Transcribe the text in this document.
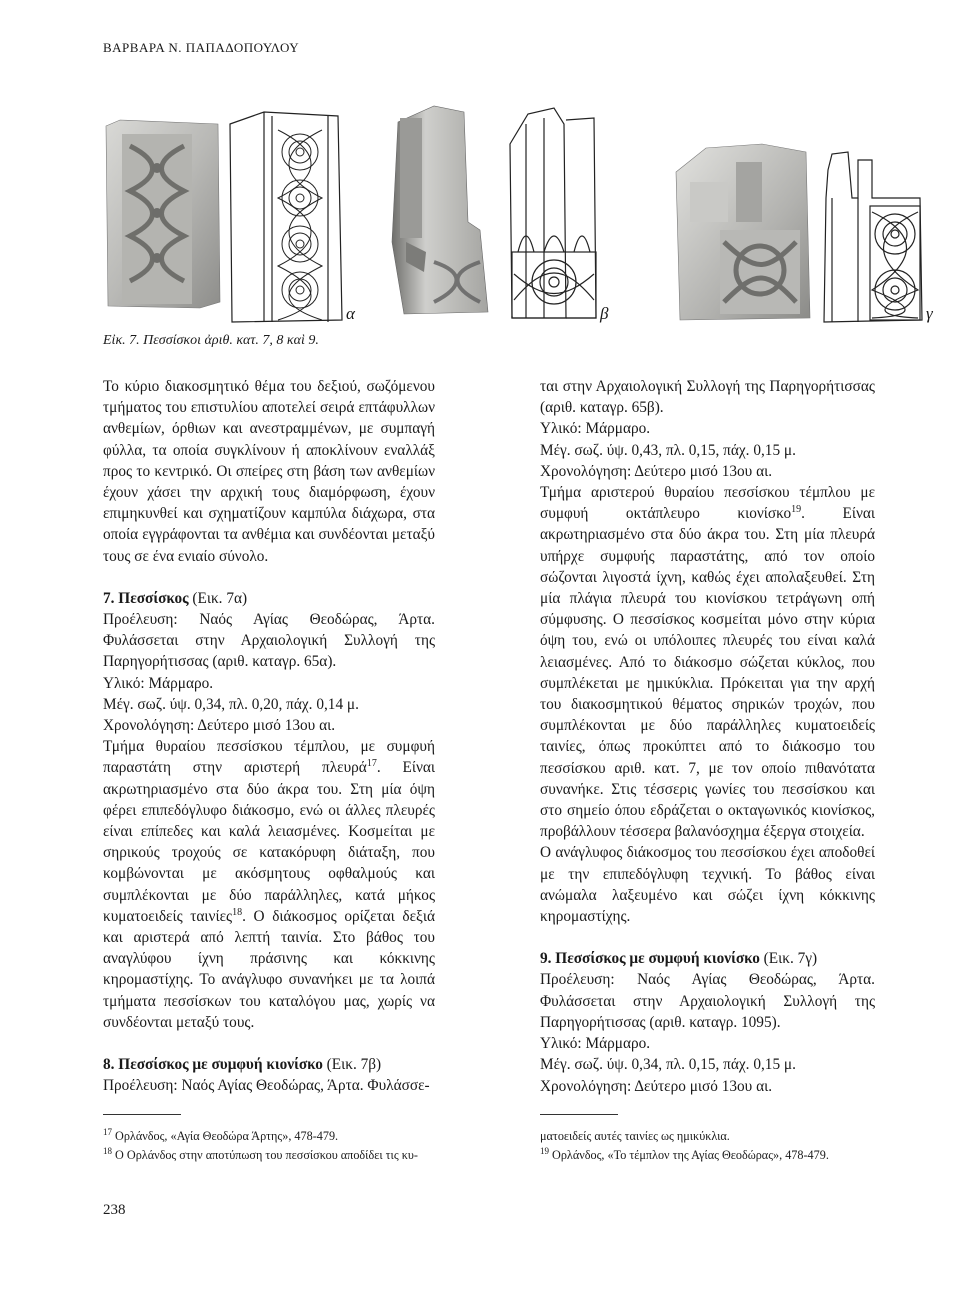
ΒΑΡΒΑΡΑ Ν. ΠΑΠΑΔΟΠΟΥΛΟΥ
α	β	γ
Εἰκ. 7. Πεσσίσκοι ἀριθ. κατ. 7, 8 καὶ 9.

Το κύριο διακοσμητικό θέμα του δεξιού, σωζόμενου τμήματος του επιστυλίου αποτελεί σειρά επτάφυλλων ανθεμίων, όρθιων και ανεστραμμένων, με συμπαγή φύλλα, τα οποία συγκλίνουν ή αποκλίνουν εναλλάξ προς το κεντρικό. Οι σπείρες στη βάση των ανθεμίων έχουν χάσει την αρχική τους διαμόρφωση, έχουν επιμηκυνθεί και σχηματίζουν καμπύλα διάχωρα, στα οποία εγγράφονται τα ανθέμια και συνδέονται μεταξύ τους σε ένα ενιαίο σύνολο.

7. Πεσσίσκος (Εικ. 7α)

Προέλευση: Ναός Αγίας Θεοδώρας, Άρτα. Φυλάσσεται στην Αρχαιολογική Συλλογή της Παρηγορήτισσας (αριθ. καταγρ. 65α).

Υλικό: Μάρμαρο.

Μέγ. σωζ. ύψ. 0,34, πλ. 0,20, πάχ. 0,14 μ.

Χρονολόγηση: Δεύτερο μισό 13ου αι.

Τμήμα θυραίου πεσσίσκου τέμπλου, με συμφυή παραστάτη στην αριστερή πλευρά$^{17}$. Είναι ακρωτηριασμένο στα δύο άκρα του. Στη μία όψη φέρει επιπεδόγλυφο διάκοσμο, ενώ οι άλλες πλευρές είναι επίπεδες και καλά λειασμένες. Κοσμείται με σηρικούς τροχούς σε κατακόρυφη διάταξη, που κομβώνονται με ακόσμητους οφθαλμούς και συμπλέκονται με δύο παράλληλες, κατά μήκος κυματοειδείς ταινίες$^{18}$. Ο διάκοσμος ορίζεται δεξιά και αριστερά από λεπτή ταινία. Στο βάθος του αναγλύφου ίχνη πράσινης και κόκκινης κηρομαστίχης. Το ανάγλυφο συνανήκει με τα λοιπά τμήματα πεσσίσκων του καταλόγου μας, χωρίς να συνδέονται μεταξύ τους.

8. Πεσσίσκος με συμφυή κιονίσκο (Εικ. 7β)

Προέλευση: Ναός Αγίας Θεοδώρας, Άρτα. Φυλάσσε-

ται στην Αρχαιολογική Συλλογή της Παρηγορήτισσας (αριθ. καταγρ. 65β).

Υλικό: Μάρμαρο.

Μέγ. σωζ. ύψ. 0,43, πλ. 0,15, πάχ. 0,15 μ.

Χρονολόγηση: Δεύτερο μισό 13ου αι.

Τμήμα αριστερού θυραίου πεσσίσκου τέμπλου με συμφυή οκτάπλευρο κιονίσκο$^{19}$. Είναι ακρωτηριασμένο στα δύο άκρα του. Στη μία πλευρά υπήρχε συμφυής παραστάτης, από τον οποίο σώζονται λιγοστά ίχνη, καθώς έχει απολαξευθεί. Στη μία πλάγια πλευρά του κιονίσκου τετράγωνη οπή σύμφυσης. Ο πεσσίσκος κοσμείται μόνο στην κύρια όψη του, ενώ οι υπόλοιπες πλευρές του είναι καλά λειασμένες. Από το διάκοσμο σώζεται κύκλος, που συμπλέκεται με ημικύκλια. Πρόκειται για την αρχή του διακοσμητικού θέματος σηρικών τροχών, που συμπλέκονται με δύο παράλληλες κυματοειδείς ταινίες, όπως προκύπτει από το διάκοσμο του πεσσίσκου αριθ. κατ. 7, με τον οποίο πιθανότατα συνανήκε. Στις τέσσερις γωνίες του πεσσίσκου και στο σημείο όπου εδράζεται ο οκταγωνικός κιονίσκος, προβάλλουν τέσσερα βαλανόσχημα έξεργα στοιχεία.

Ο ανάγλυφος διάκοσμος του πεσσίσκου έχει αποδοθεί με την επιπεδόγλυφη τεχνική. Το βάθος είναι ανώμαλα λαξευμένο και σώζει ίχνη κόκκινης κηρομαστίχης.

9. Πεσσίσκος με συμφυή κιονίσκο (Εικ. 7γ)

Προέλευση: Ναός Αγίας Θεοδώρας, Άρτα. Φυλάσσεται στην Αρχαιολογική Συλλογή της Παρηγορήτισσας (αριθ. καταγρ. 1095).

Υλικό: Μάρμαρο.

Μέγ. σωζ. ύψ. 0,34, πλ. 0,15, πάχ. 0,15 μ.

Χρονολόγηση: Δεύτερο μισό 13ου αι.

$^{17}$ Ορλάνδος, «Αγία Θεοδώρα Άρτης», 478-479.
$^{18}$ Ο Ορλάνδος στην αποτύπωση του πεσσίσκου αποδίδει τις κυ-
ματοειδείς αυτές ταινίες ως ημικύκλια.
$^{19}$ Ορλάνδος, «Το τέμπλον της Αγίας Θεοδώρας», 478-479.
238
